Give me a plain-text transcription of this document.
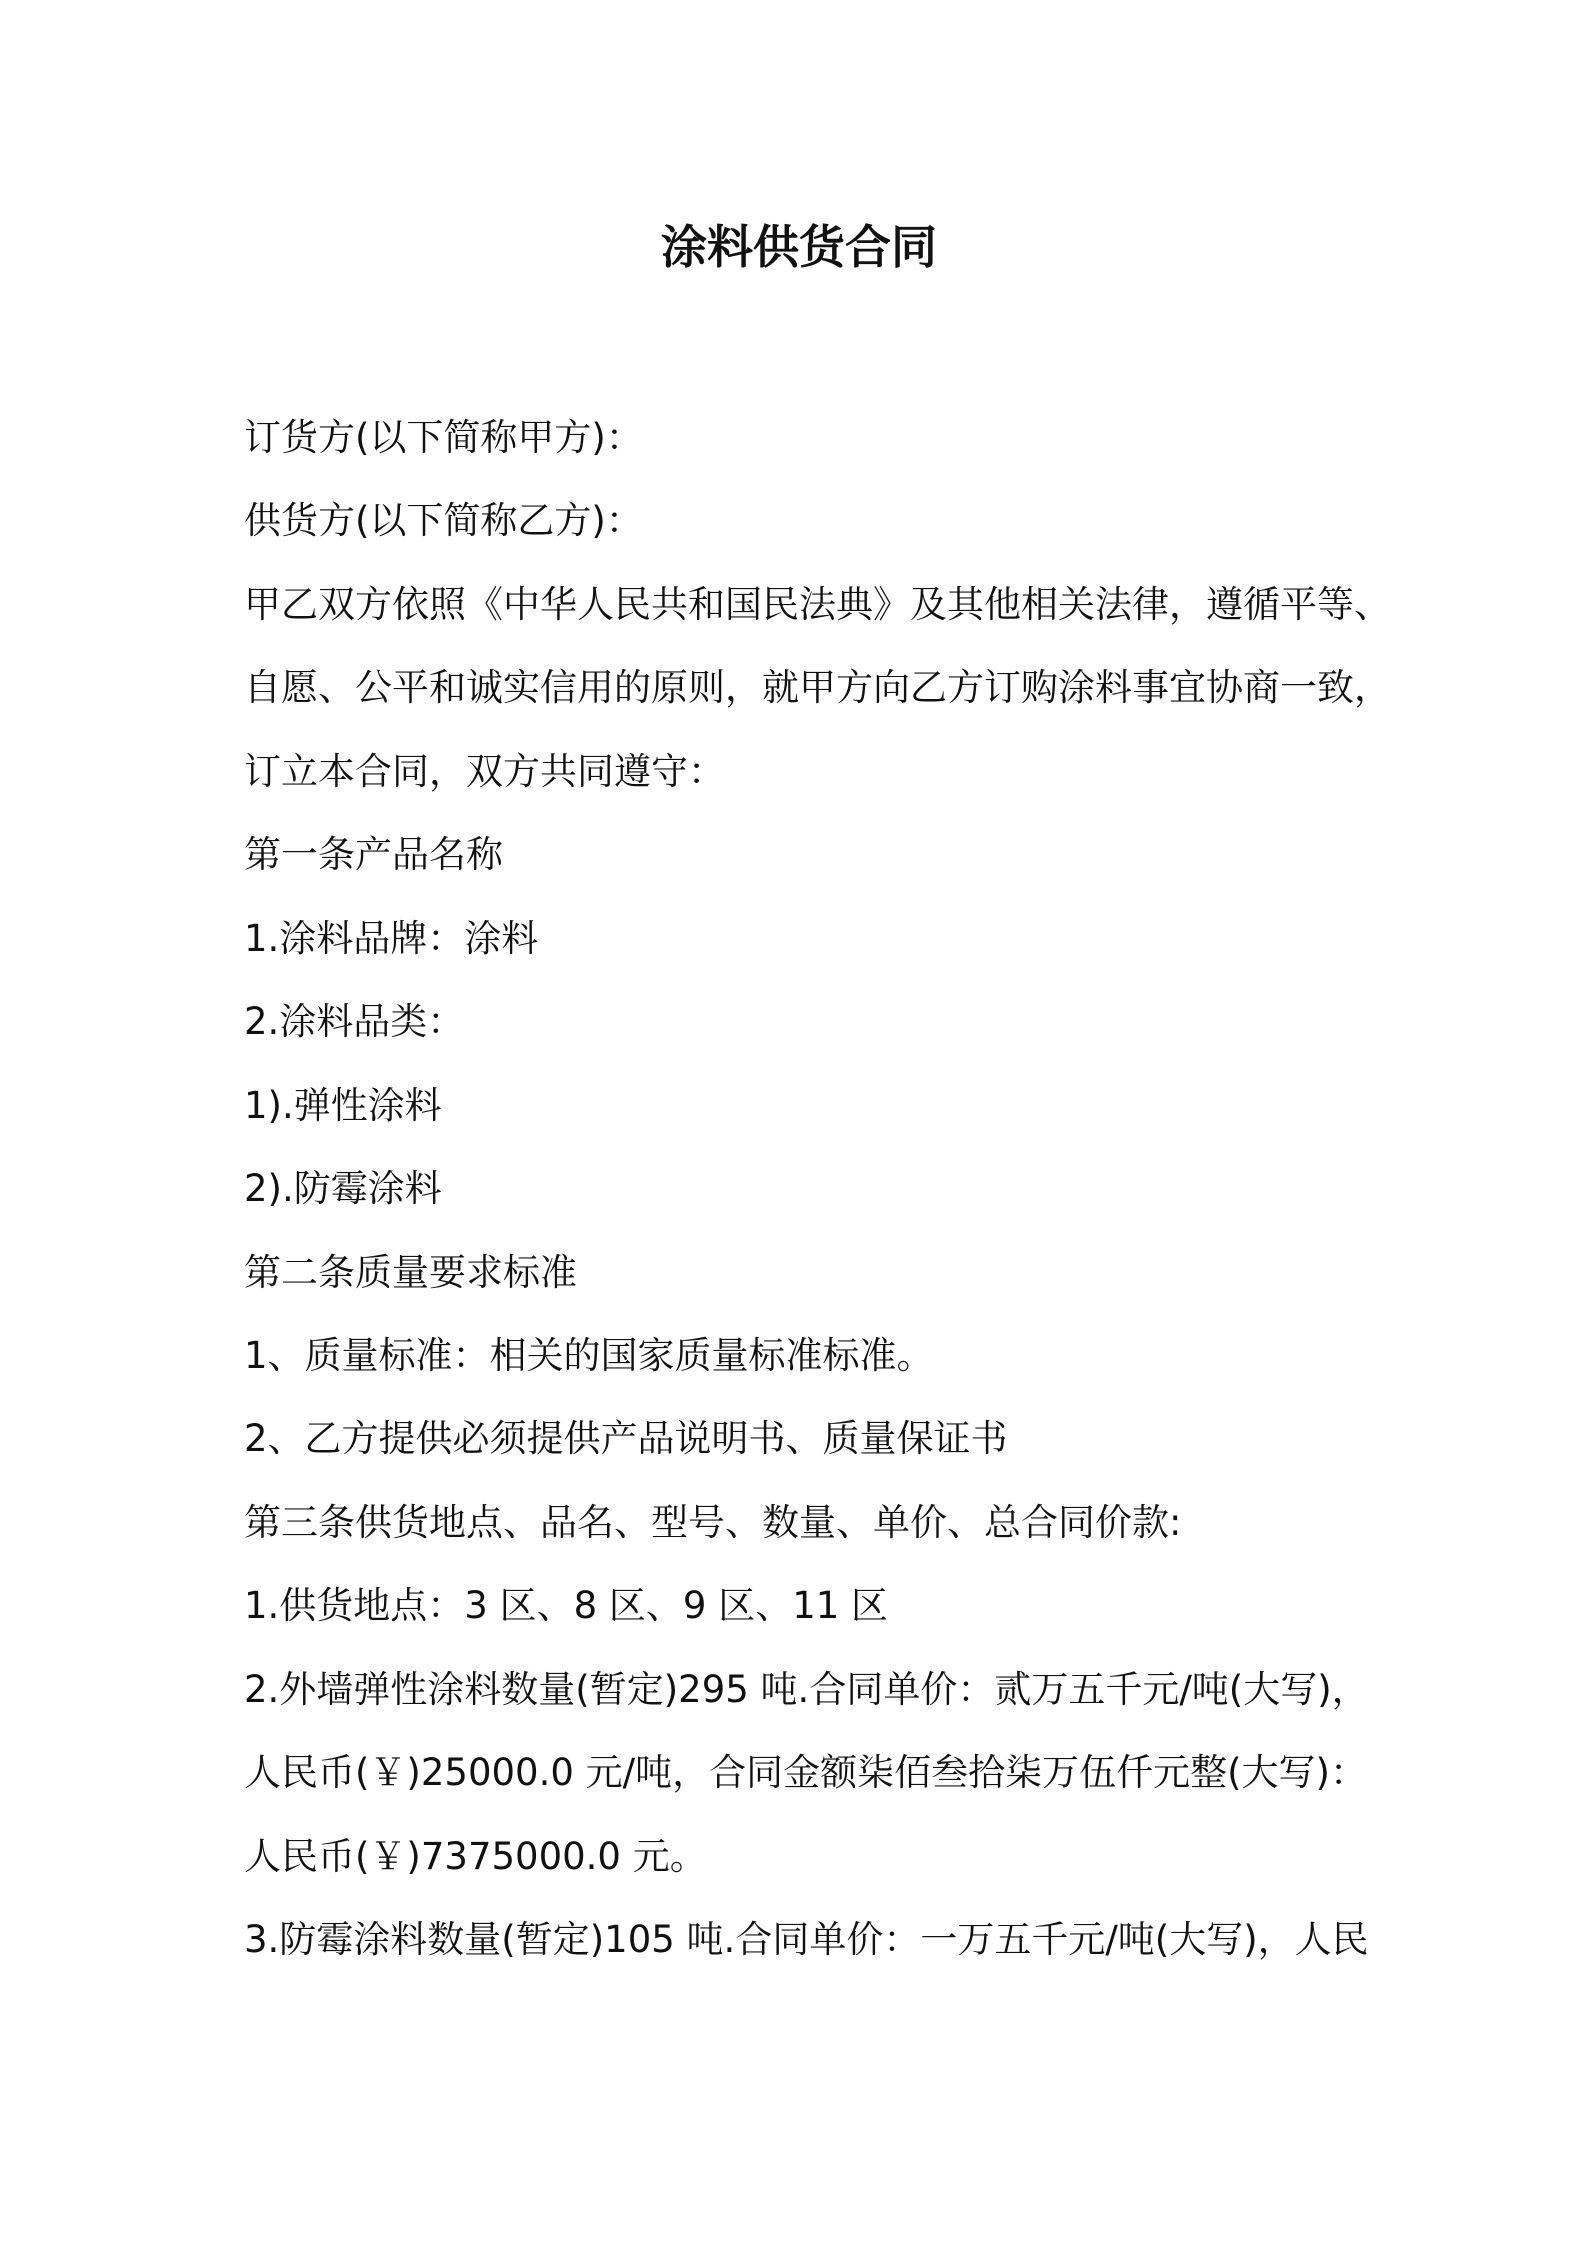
涂料供货合同

订货方(以下简称甲方)：

供货方(以下简称乙方)：

甲乙双方依照《中华人民共和国民法典》及其他相关法律，遵循平等、

自愿、公平和诚实信用的原则，就甲方向乙方订购涂料事宜协商一致，

订立本合同，双方共同遵守：

第一条产品名称

1.涂料品牌：涂料

2.涂料品类：

1).弹性涂料

2).防霉涂料

第二条质量要求标准

1、质量标准：相关的国家质量标准标准。

2、乙方提供必须提供产品说明书、质量保证书

第三条供货地点、品名、型号、数量、单价、总合同价款:

1.供货地点：3 区、8 区、9 区、11 区

2.外墙弹性涂料数量(暂定)295 吨.合同单价：贰万五千元/吨(大写)，

人民币(￥)25000.0 元/吨，合同金额柒佰叁拾柒万伍仟元整(大写)：

人民币(￥)7375000.0 元。

3.防霉涂料数量(暂定)105 吨.合同单价：一万五千元/吨(大写)，人民
